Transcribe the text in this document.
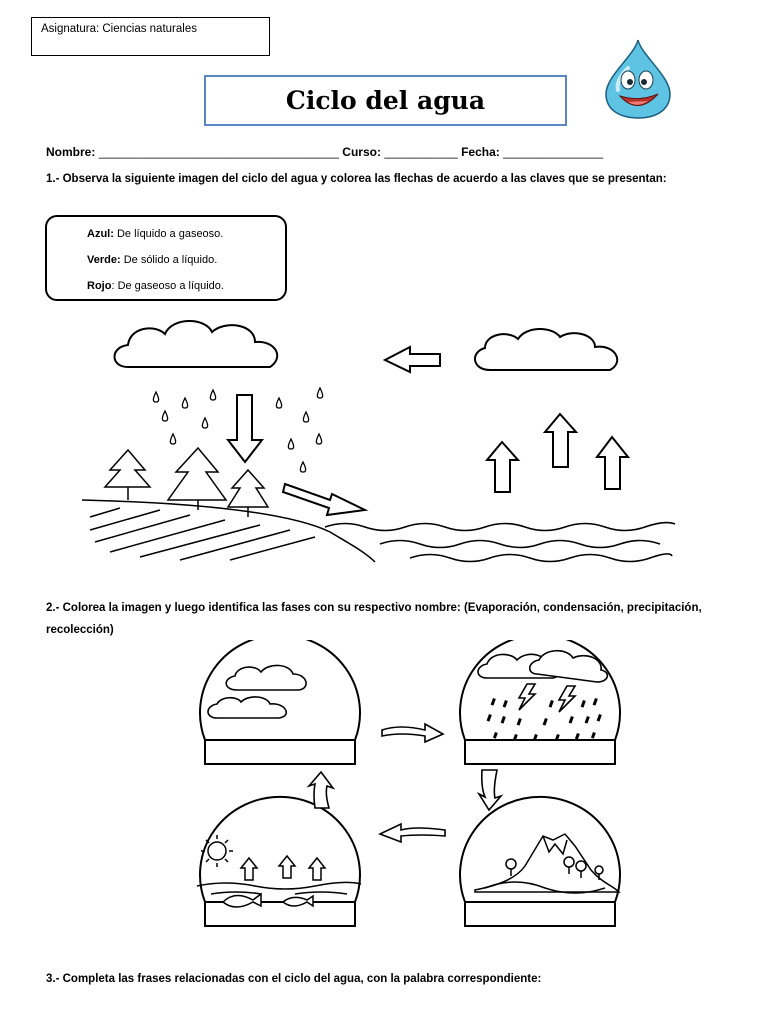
Asignatura: Ciencias naturales
Ciclo del agua
Nombre: ____________________________________ Curso: ___________ Fecha: _______________
1.- Observa la siguiente imagen del ciclo del agua y colorea las flechas de acuerdo a las claves que se presentan:
Azul: De líquido a gaseoso.
Verde: De sólido a líquido.
Rojo: De gaseoso a líquido.
2.- Colorea la imagen y luego identifica las fases con su respectivo nombre: (Evaporación, condensación, precipitación, recolección)
3.- Completa las frases relacionadas con el ciclo del agua, con la palabra correspondiente:
